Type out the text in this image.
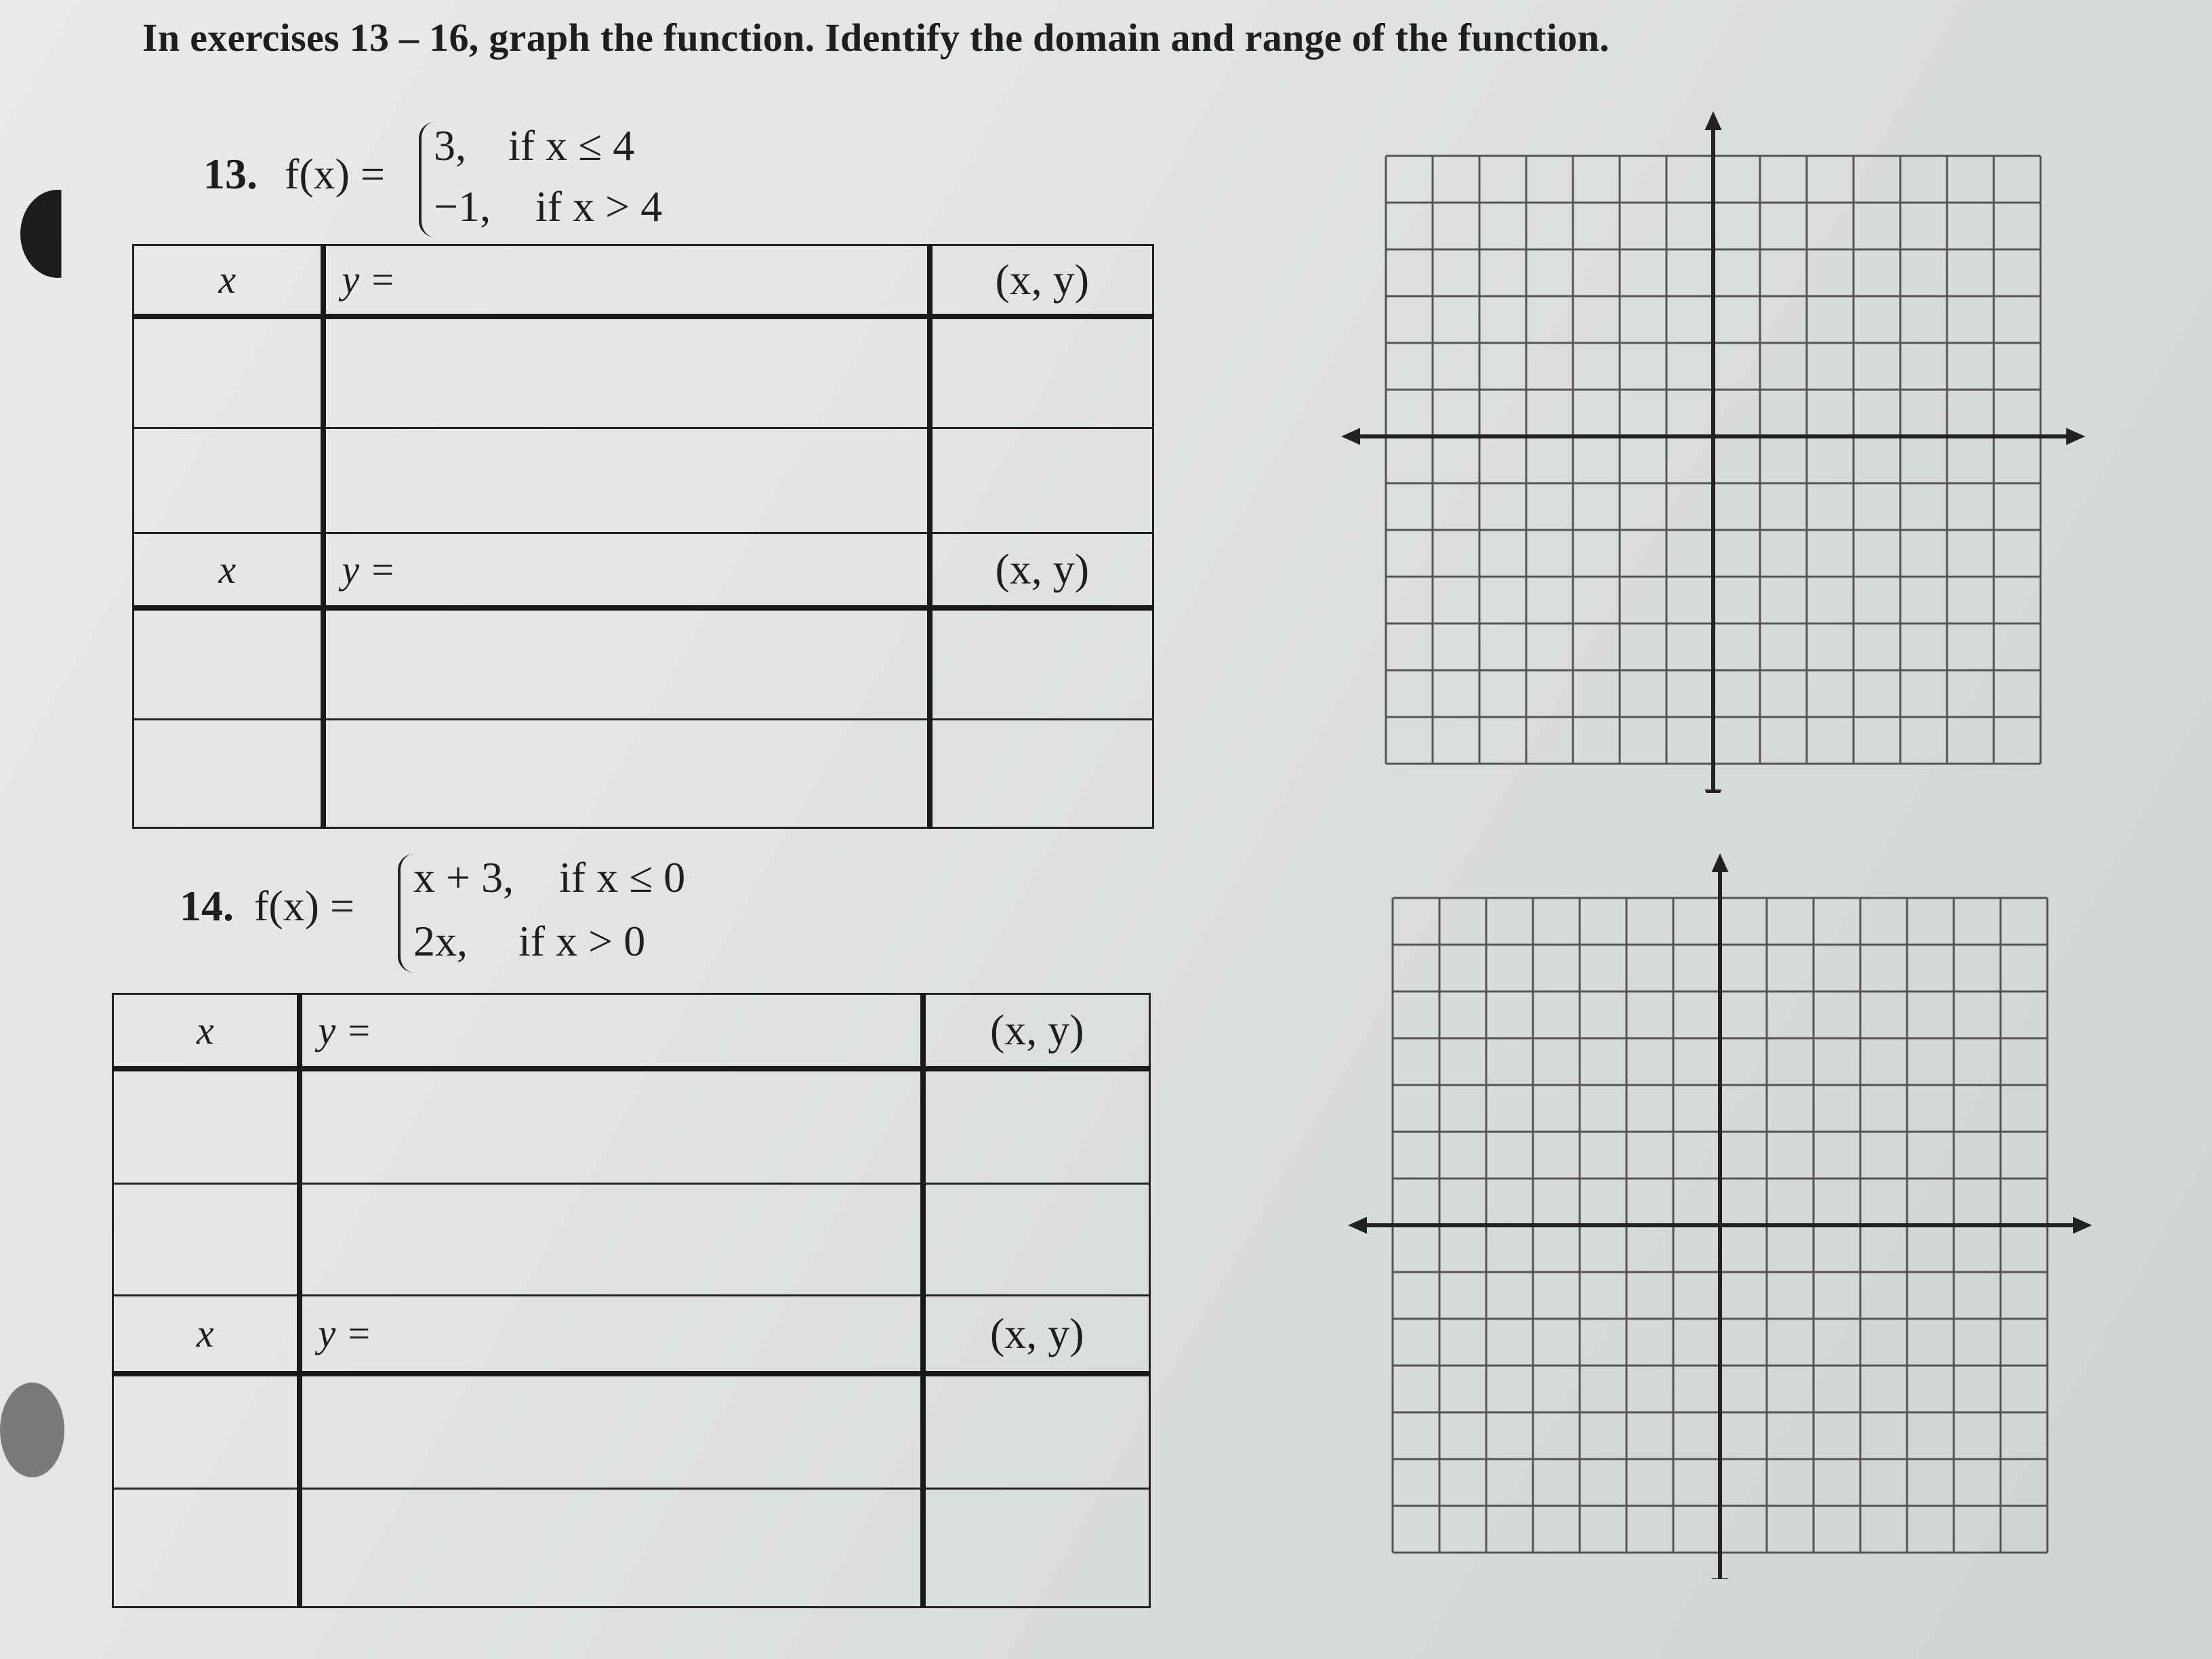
In exercises 13 – 16, graph the function. Identify the domain and range of the function.
13. f(x) =
3, if x ≤ 4
−1, if x > 4
x	y =	(x, y)

x	y =	(x, y)

14. f(x) =
x + 3, if x ≤ 0
2x, if x > 0
x	y =	(x, y)

x	y =	(x, y)
